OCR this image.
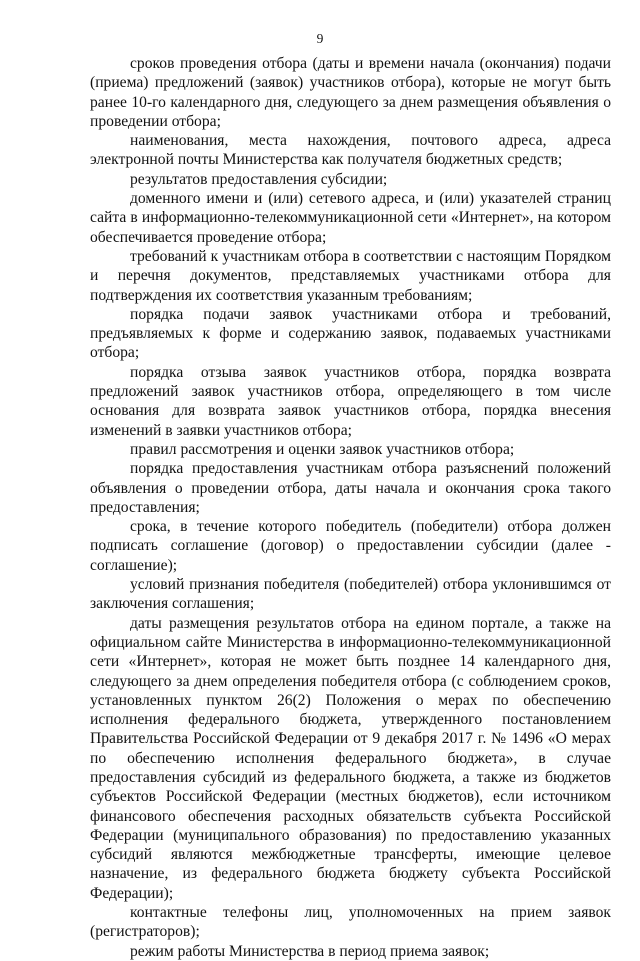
9

сроков проведения отбора (даты и времени начала (окончания) подачи (приема) предложений (заявок) участников отбора), которые не могут быть ранее 10-го календарного дня, следующего за днем размещения объявления о проведении отбора;

наименования, места нахождения, почтового адреса, адреса электронной почты Министерства как получателя бюджетных средств;

результатов предоставления субсидии;

доменного имени и (или) сетевого адреса, и (или) указателей страниц сайта в информационно-телекоммуникационной сети «Интернет», на котором обеспечивается проведение отбора;

требований к участникам отбора в соответствии с настоящим Порядком и перечня документов, представляемых участниками отбора для подтверждения их соответствия указанным требованиям;

порядка подачи заявок участниками отбора и требований, предъявляемых к форме и содержанию заявок, подаваемых участниками отбора;

порядка отзыва заявок участников отбора, порядка возврата предложений заявок участников отбора, определяющего в том числе основания для возврата заявок участников отбора, порядка внесения изменений в заявки участников отбора;

правил рассмотрения и оценки заявок участников отбора;

порядка предоставления участникам отбора разъяснений положений объявления о проведении отбора, даты начала и окончания срока такого предоставления;

срока, в течение которого победитель (победители) отбора должен подписать соглашение (договор) о предоставлении субсидии (далее - соглашение);

условий признания победителя (победителей) отбора уклонившимся от заключения соглашения;

даты размещения результатов отбора на едином портале, а также на официальном сайте Министерства в информационно-телекоммуникационной сети «Интернет», которая не может быть позднее 14 календарного дня, следующего за днем определения победителя отбора (с соблюдением сроков, установленных пунктом 26(2) Положения о мерах по обеспечению исполнения федерального бюджета, утвержденного постановлением Правительства Российской Федерации от 9 декабря 2017 г. № 1496 «О мерах по обеспечению исполнения федерального бюджета», в случае предоставления субсидий из федерального бюджета, а также из бюджетов субъектов Российской Федерации (местных бюджетов), если источником финансового обеспечения расходных обязательств субъекта Российской Федерации (муниципального образования) по предоставлению указанных субсидий являются межбюджетные трансферты, имеющие целевое назначение, из федерального бюджета бюджету субъекта Российской Федерации);

контактные телефоны лиц, уполномоченных на прием заявок (регистраторов);

режим работы Министерства в период приема заявок;
